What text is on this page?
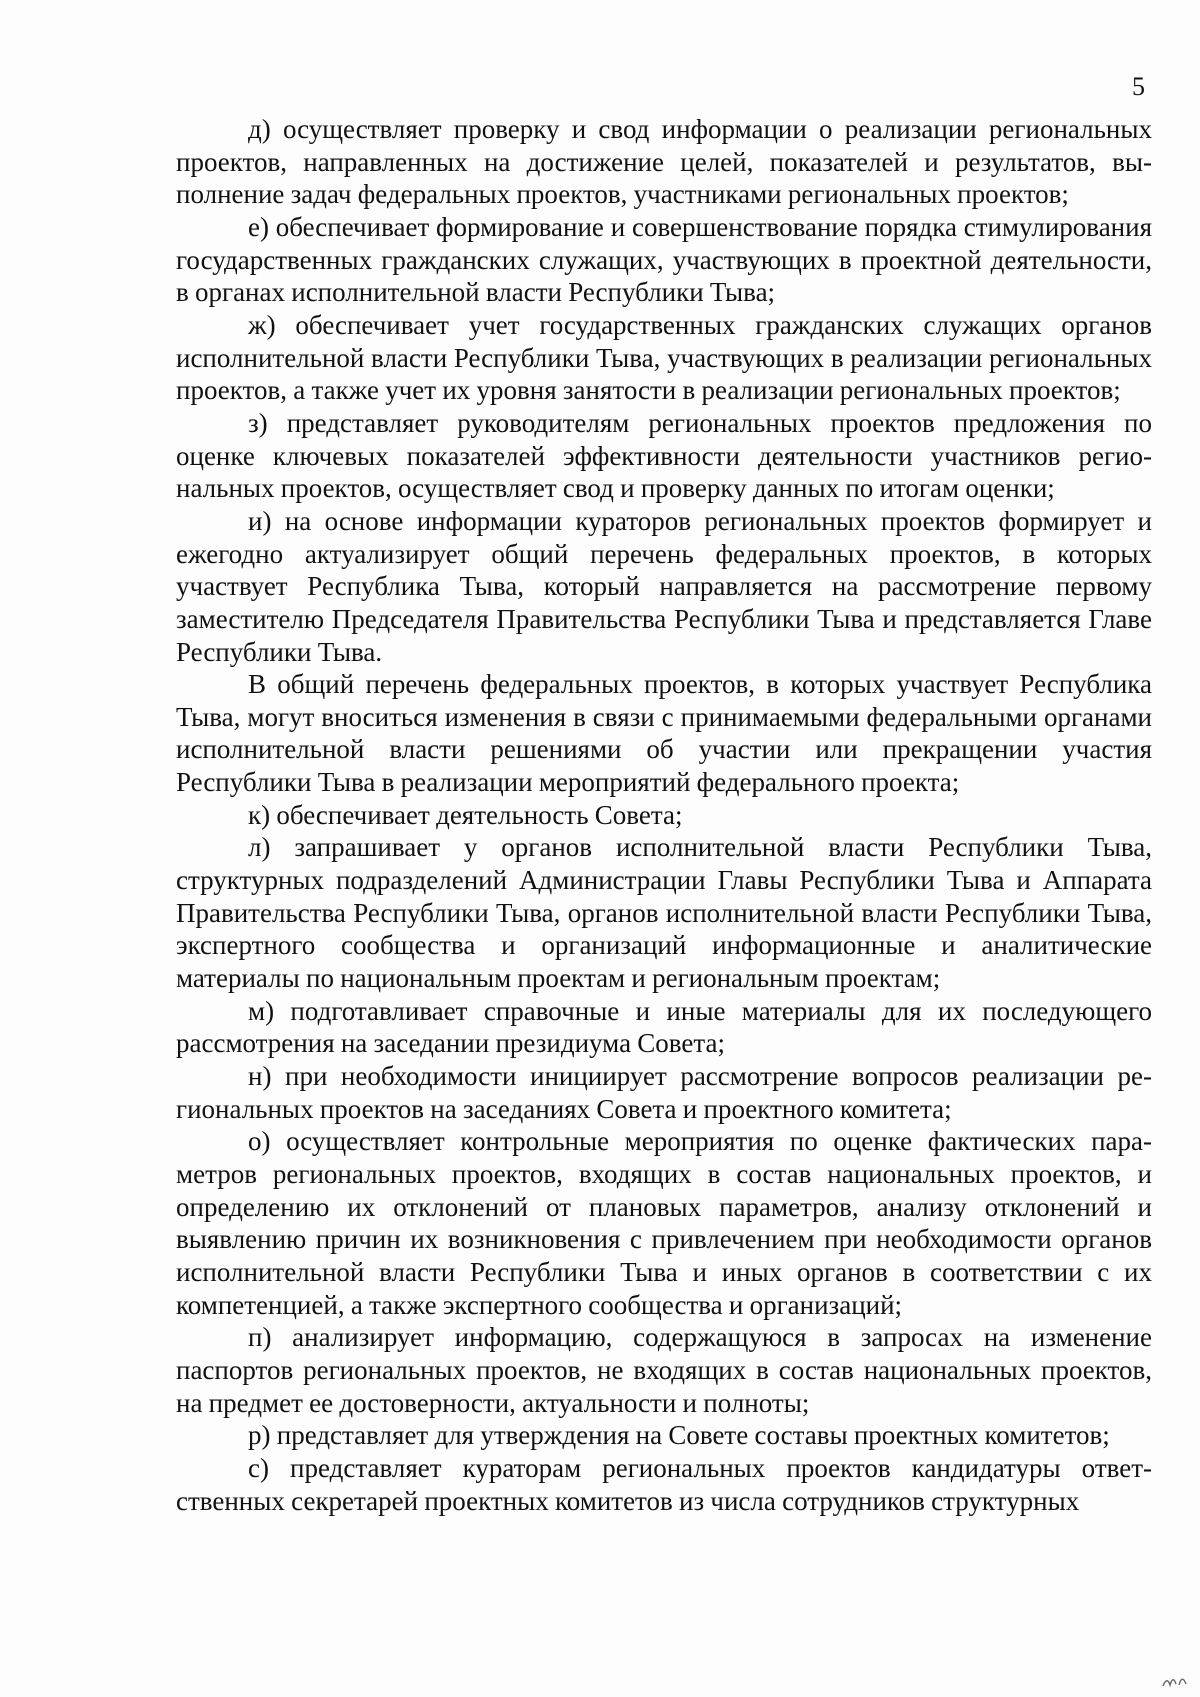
5

д) осуществляет проверку и свод информации о реализации региональных проектов, направленных на достижение целей, показателей и результатов, выполнение задач федеральных проектов, участниками региональных проектов;

е) обеспечивает формирование и совершенствование порядка стимулирования государственных гражданских служащих, участвующих в проектной деятельности, в органах исполнительной власти Республики Тыва;

ж) обеспечивает учет государственных гражданских служащих органов исполнительной власти Республики Тыва, участвующих в реализации региональных проектов, а также учет их уровня занятости в реализации региональных проектов;

з) представляет руководителям региональных проектов предложения по оценке ключевых показателей эффективности деятельности участников региональных проектов, осуществляет свод и проверку данных по итогам оценки;

и) на основе информации кураторов региональных проектов формирует и ежегодно актуализирует общий перечень федеральных проектов, в которых участвует Республика Тыва, который направляется на рассмотрение первому заместителю Председателя Правительства Республики Тыва и представляется Главе Республики Тыва.

В общий перечень федеральных проектов, в которых участвует Республика Тыва, могут вноситься изменения в связи с принимаемыми федеральными органами исполнительной власти решениями об участии или прекращении участия Республики Тыва в реализации мероприятий федерального проекта;

к) обеспечивает деятельность Совета;

л) запрашивает у органов исполнительной власти Республики Тыва, структурных подразделений Администрации Главы Республики Тыва и Аппарата Правительства Республики Тыва, органов исполнительной власти Республики Тыва, экспертного сообщества и организаций информационные и аналитические материалы по национальным проектам и региональным проектам;

м) подготавливает справочные и иные материалы для их последующего рассмотрения на заседании президиума Совета;

н) при необходимости инициирует рассмотрение вопросов реализации региональных проектов на заседаниях Совета и проектного комитета;

о) осуществляет контрольные мероприятия по оценке фактических параметров региональных проектов, входящих в состав национальных проектов, и определению их отклонений от плановых параметров, анализу отклонений и выявлению причин их возникновения с привлечением при необходимости органов исполнительной власти Республики Тыва и иных органов в соответствии с их компетенцией, а также экспертного сообщества и организаций;

п) анализирует информацию, содержащуюся в запросах на изменение паспортов региональных проектов, не входящих в состав национальных проектов, на предмет ее достоверности, актуальности и полноты;

р) представляет для утверждения на Совете составы проектных комитетов;

с) представляет кураторам региональных проектов кандидатуры ответственных секретарей проектных комитетов из числа сотрудников структурных
